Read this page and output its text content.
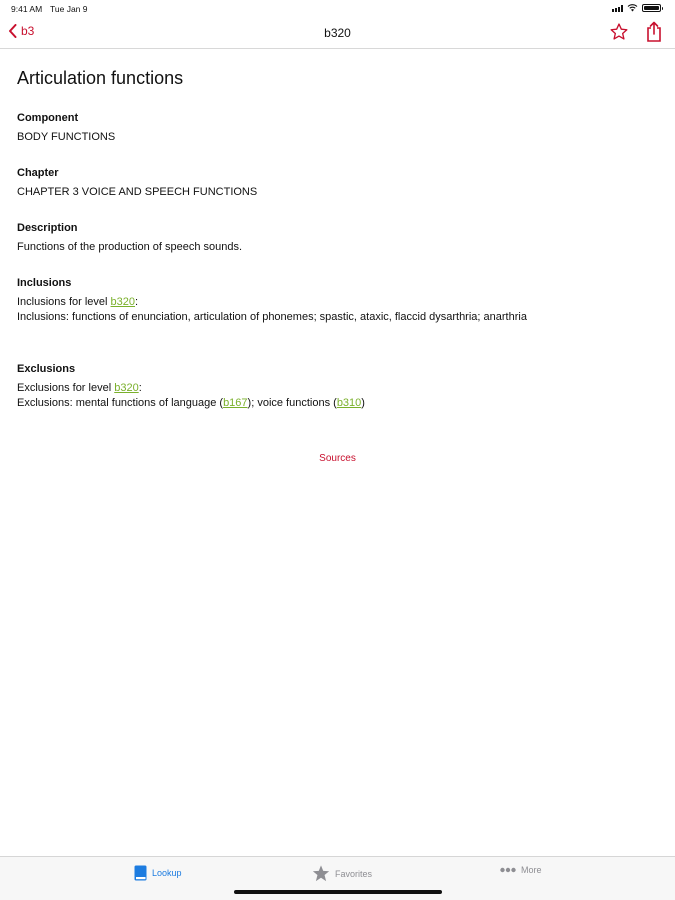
9:41 AM Tue Jan 9
b3	b320
Articulation functions
Component
BODY FUNCTIONS
Chapter
CHAPTER 3 VOICE AND SPEECH FUNCTIONS
Description
Functions of the production of speech sounds.
Inclusions
Inclusions for level b320:
Inclusions: functions of enunciation, articulation of phonemes; spastic, ataxic, flaccid dysarthria; anarthria
Exclusions
Exclusions for level b320:
Exclusions: mental functions of language (b167); voice functions (b310)
Sources
Lookup	Favorites	More
